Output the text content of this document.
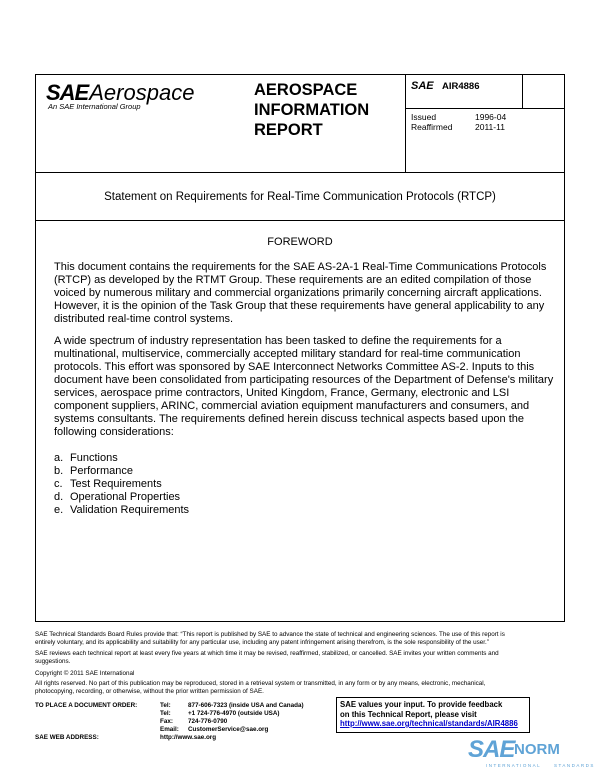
SAEAerospace
An SAE International Group
AEROSPACE
INFORMATION
REPORT
SAE AIR4886
Issued	1996-04
Reaffirmed	2011-11
Statement on Requirements for Real-Time Communication Protocols (RTCP)
FOREWORD
This document contains the requirements for the SAE AS-2A-1 Real-Time Communications Protocols
(RTCP) as developed by the RTMT Group. These requirements are an edited compilation of those
voiced by numerous military and commercial organizations primarily concerning aircraft applications.
However, it is the opinion of the Task Group that these requirements have general applicability to any
distributed real-time control systems.
A wide spectrum of industry representation has been tasked to define the requirements for a
multinational, multiservice, commercially accepted military standard for real-time communication
protocols. This effort was sponsored by SAE Interconnect Networks Committee AS-2. Inputs to this
document have been consolidated from participating resources of the Department of Defense's military
services, aerospace prime contractors, United Kingdom, France, Germany, electronic and LSI
component suppliers, ARINC, commercial aviation equipment manufacturers and consumers, and
systems consultants. The requirements defined herein discuss technical aspects based upon the
following considerations:
a. Functions
b. Performance
c. Test Requirements
d. Operational Properties
e. Validation Requirements
SAE Technical Standards Board Rules provide that: “This report is published by SAE to advance the state of technical and engineering sciences. The use of this report is
entirely voluntary, and its applicability and suitability for any particular use, including any patent infringement arising therefrom, is the sole responsibility of the user.”
SAE reviews each technical report at least every five years at which time it may be revised, reaffirmed, stabilized, or cancelled. SAE invites your written comments and
suggestions.
Copyright © 2011 SAE International
All rights reserved. No part of this publication may be reproduced, stored in a retrieval system or transmitted, in any form or by any means, electronic, mechanical,
photocopying, recording, or otherwise, without the prior written permission of SAE.
TO PLACE A DOCUMENT ORDER:	Tel:	877-606-7323 (inside USA and Canada)
Tel:	+1 724-776-4970 (outside USA)
Fax: 724-776-0790
Email: CustomerService@sae.org
SAE WEB ADDRESS:	http://www.sae.org
SAE values your input. To provide feedback
on this Technical Report, please visit
http://www.sae.org/technical/standards/AIR4886
SAE NORM
INTERNATIONAL	STANDARDS
